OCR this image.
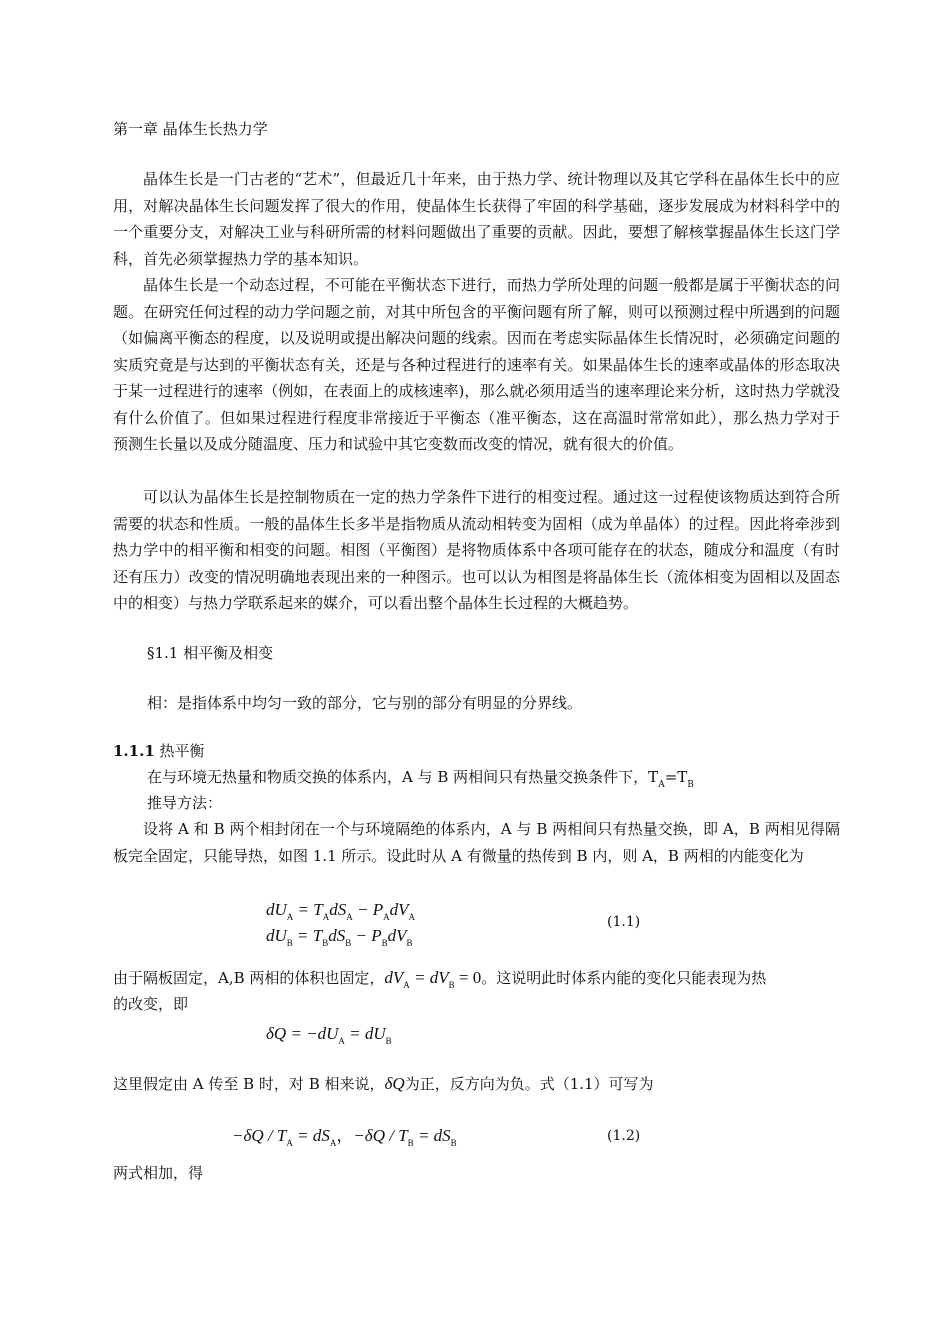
第一章 晶体生长热力学
晶体生长是一门古老的“艺术”，但最近几十年来，由于热力学、统计物理以及其它学科在晶体生长中的应用，对解决晶体生长问题发挥了很大的作用，使晶体生长获得了牢固的科学基础，逐步发展成为材料科学中的一个重要分支，对解决工业与科研所需的材料问题做出了重要的贡献。因此，要想了解核掌握晶体生长这门学科，首先必须掌握热力学的基本知识。
晶体生长是一个动态过程，不可能在平衡状态下进行，而热力学所处理的问题一般都是属于平衡状态的问题。在研究任何过程的动力学问题之前，对其中所包含的平衡问题有所了解，则可以预测过程中所遇到的问题（如偏离平衡态的程度，以及说明或提出解决问题的线索。因而在考虑实际晶体生长情况时，必须确定问题的实质究竟是与达到的平衡状态有关，还是与各种过程进行的速率有关。如果晶体生长的速率或晶体的形态取决于某一过程进行的速率（例如，在表面上的成核速率)，那么就必须用适当的速率理论来分析，这时热力学就没有什么价值了。但如果过程进行程度非常接近于平衡态（准平衡态，这在高温时常常如此），那么热力学对于预测生长量以及成分随温度、压力和试验中其它变数而改变的情况，就有很大的价值。
可以认为晶体生长是控制物质在一定的热力学条件下进行的相变过程。通过这一过程使该物质达到符合所需要的状态和性质。一般的晶体生长多半是指物质从流动相转变为固相（成为单晶体）的过程。因此将牵涉到热力学中的相平衡和相变的问题。相图（平衡图）是将物质体系中各项可能存在的状态，随成分和温度（有时还有压力）改变的情况明确地表现出来的一种图示。也可以认为相图是将晶体生长（流体相变为固相以及固态中的相变）与热力学联系起来的媒介，可以看出整个晶体生长过程的大概趋势。
§1.1 相平衡及相变
相：是指体系中均匀一致的部分，它与别的部分有明显的分界线。
1.1.1 热平衡
在与环境无热量和物质交换的体系内，A 与 B 两相间只有热量交换条件下，$T_A=T_B$
推导方法：
设将 A 和 B 两个相封闭在一个与环境隔绝的体系内，A 与 B 两相间只有热量交换，即 A，B 两相见得隔板完全固定，只能导热，如图 1.1 所示。设此时从 A 有微量的热传到 B 内，则 A，B 两相的内能变化为
$dU_A = T_AdS_A - P_AdV_A$
$dU_B = T_BdS_B - P_BdV_B$
(1.1)
由于隔板固定，A,B 两相的体积也固定，$dV_A = dV_B = 0$。这说明此时体系内能的变化只能表现为热
的改变，即
$\delta Q = -dU_A = dU_B$
这里假定由 A 传至 B 时，对 B 相来说，δQ为正，反方向为负。式（1.1）可写为
$-\delta Q / T_A = dS_A$，$-\delta Q / T_B = dS_B$	(1.2)
两式相加，得
